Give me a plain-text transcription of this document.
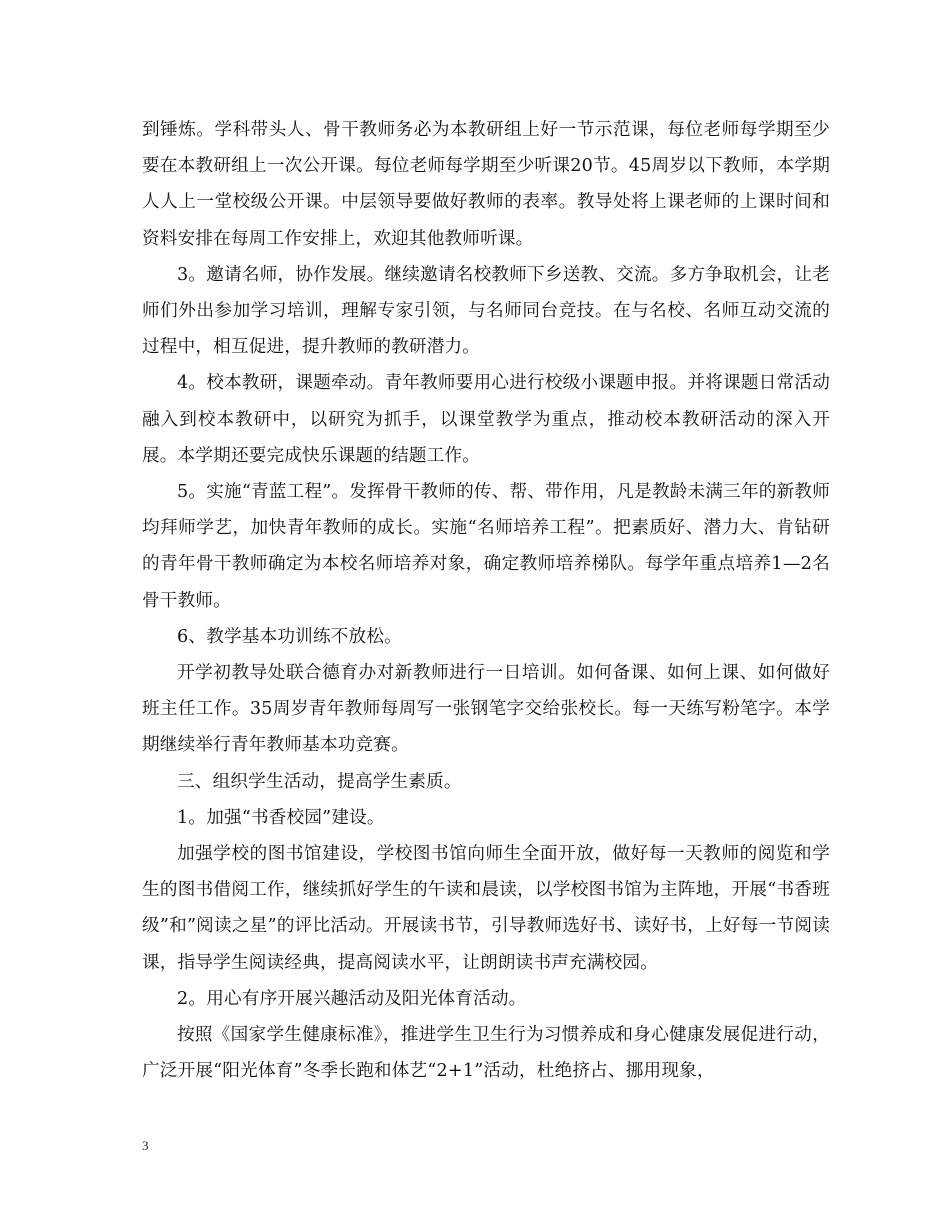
到锤炼。学科带头人、骨干教师务必为本教研组上好一节示范课，每位老师每学期至少要在本教研组上一次公开课。每位老师每学期至少听课20节。45周岁以下教师，本学期人人上一堂校级公开课。中层领导要做好教师的表率。教导处将上课老师的上课时间和资料安排在每周工作安排上，欢迎其他教师听课。

3。邀请名师，协作发展。继续邀请名校教师下乡送教、交流。多方争取机会，让老师们外出参加学习培训，理解专家引领，与名师同台竞技。在与名校、名师互动交流的过程中，相互促进，提升教师的教研潜力。

4。校本教研，课题牵动。青年教师要用心进行校级小课题申报。并将课题日常活动融入到校本教研中，以研究为抓手，以课堂教学为重点，推动校本教研活动的深入开展。本学期还要完成快乐课题的结题工作。

5。实施“青蓝工程”。发挥骨干教师的传、帮、带作用，凡是教龄未满三年的新教师均拜师学艺，加快青年教师的成长。实施“名师培养工程”。把素质好、潜力大、肯钻研的青年骨干教师确定为本校名师培养对象，确定教师培养梯队。每学年重点培养1—2名骨干教师。

6、教学基本功训练不放松。

开学初教导处联合德育办对新教师进行一日培训。如何备课、如何上课、如何做好班主任工作。35周岁青年教师每周写一张钢笔字交给张校长。每一天练写粉笔字。本学期继续举行青年教师基本功竞赛。

三、组织学生活动，提高学生素质。

1。加强“书香校园”建设。

加强学校的图书馆建设，学校图书馆向师生全面开放，做好每一天教师的阅览和学生的图书借阅工作，继续抓好学生的午读和晨读，以学校图书馆为主阵地，开展“书香班级”和”阅读之星”的评比活动。开展读书节，引导教师选好书、读好书，上好每一节阅读课，指导学生阅读经典，提高阅读水平，让朗朗读书声充满校园。

2。用心有序开展兴趣活动及阳光体育活动。

按照《国家学生健康标准》，推进学生卫生行为习惯养成和身心健康发展促进行动，广泛开展“阳光体育”冬季长跑和体艺“2+1”活动，杜绝挤占、挪用现象，

3
